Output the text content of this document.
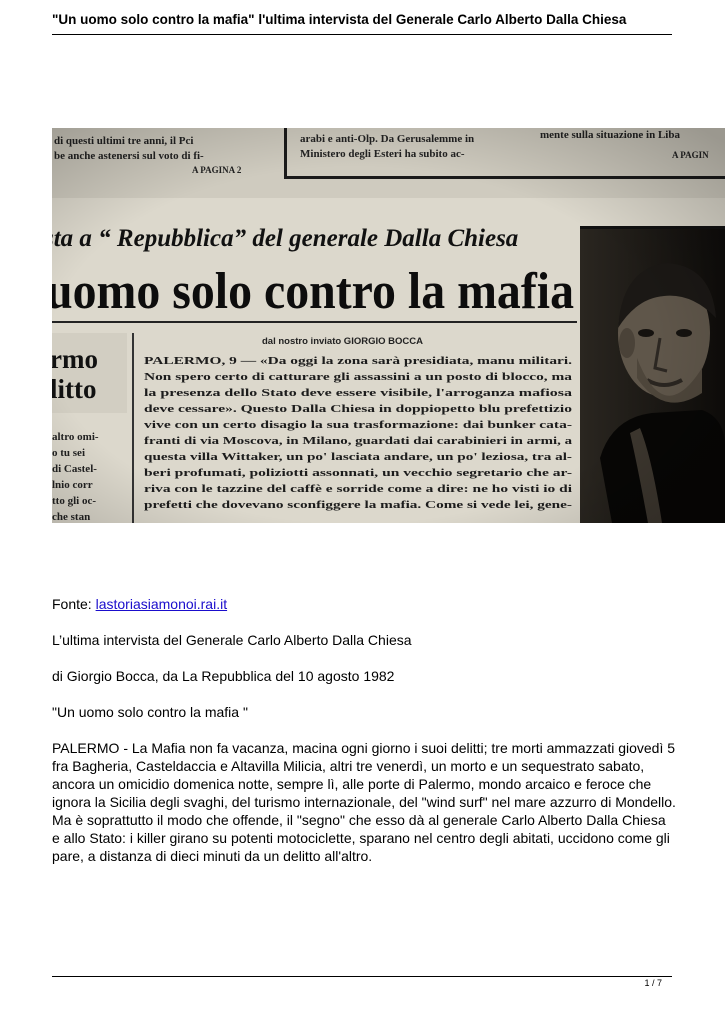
"Un uomo solo contro la mafia" l'ultima intervista del Generale Carlo Alberto Dalla Chiesa

Fonte: lastoriasiamonoi.rai.it

L’ultima intervista del Generale Carlo Alberto Dalla Chiesa

di Giorgio Bocca, da La Repubblica del 10 agosto 1982

"Un uomo solo contro la mafia "

PALERMO - La Mafia non fa vacanza, macina ogni giorno i suoi delitti; tre morti ammazzati giovedì 5 fra Bagheria, Casteldaccia e Altavilla Milicia, altri tre venerdì, un morto e un sequestrato sabato, ancora un omicidio domenica notte, sempre lì, alle porte di Palermo, mondo arcaico e feroce che ignora la Sicilia degli svaghi, del turismo internazionale, del "wind surf" nel mare azzurro di Mondello. Ma è soprattutto il modo che offende, il "segno" che esso dà al generale Carlo Alberto Dalla Chiesa e allo Stato: i killer girano su potenti motociclette, sparano nel centro degli abitati, uccidono come gli pare, a distanza di dieci minuti da un delitto all'altro.

1 / 7
